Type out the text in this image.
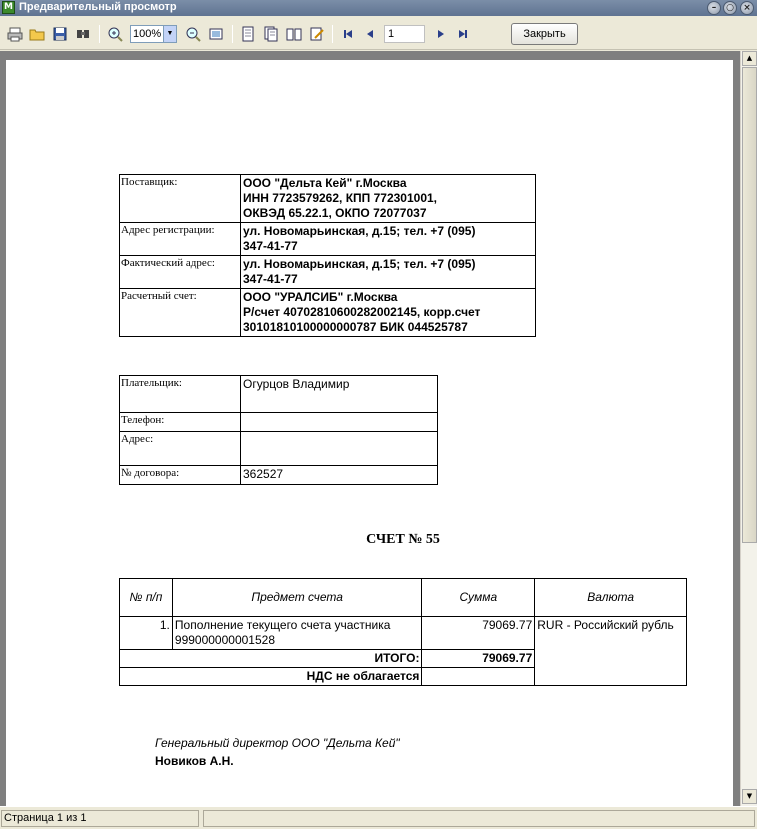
M Предварительный просмотр	–	○	×
100% ▼	1	Закрыть
Поставщик:	ООО "Дельта Кей" г.Москва
ИНН 7723579262, КПП 772301001,
ОКВЭД 65.22.1, ОКПО 72077037

Адрес регистрации:	ул. Новомарьинская, д.15; тел. +7 (095)
347-41-77

Фактический адрес:	ул. Новомарьинская, д.15; тел. +7 (095)
347-41-77

Расчетный счет:	ООО "УРАЛСИБ" г.Москва
Р/счет 40702810600282002145, корр.счет
30101810100000000787 БИК 044525787
Плательщик:	Огурцов Владимир
Телефон:	
Адрес:	
№ договора:	362527
СЧЕТ № 55
№ п/п	Предмет счета	Сумма	Валюта
1.	Пополнение текущего счета участника 999000000001528	79069.77	RUR - Российский рубль
ИТОГО:		79069.77	
НДС не облагается			
Генеральный директор ООО "Дельта Кей"
Новиков А.Н.
▲
▼
Страница 1 из 1
